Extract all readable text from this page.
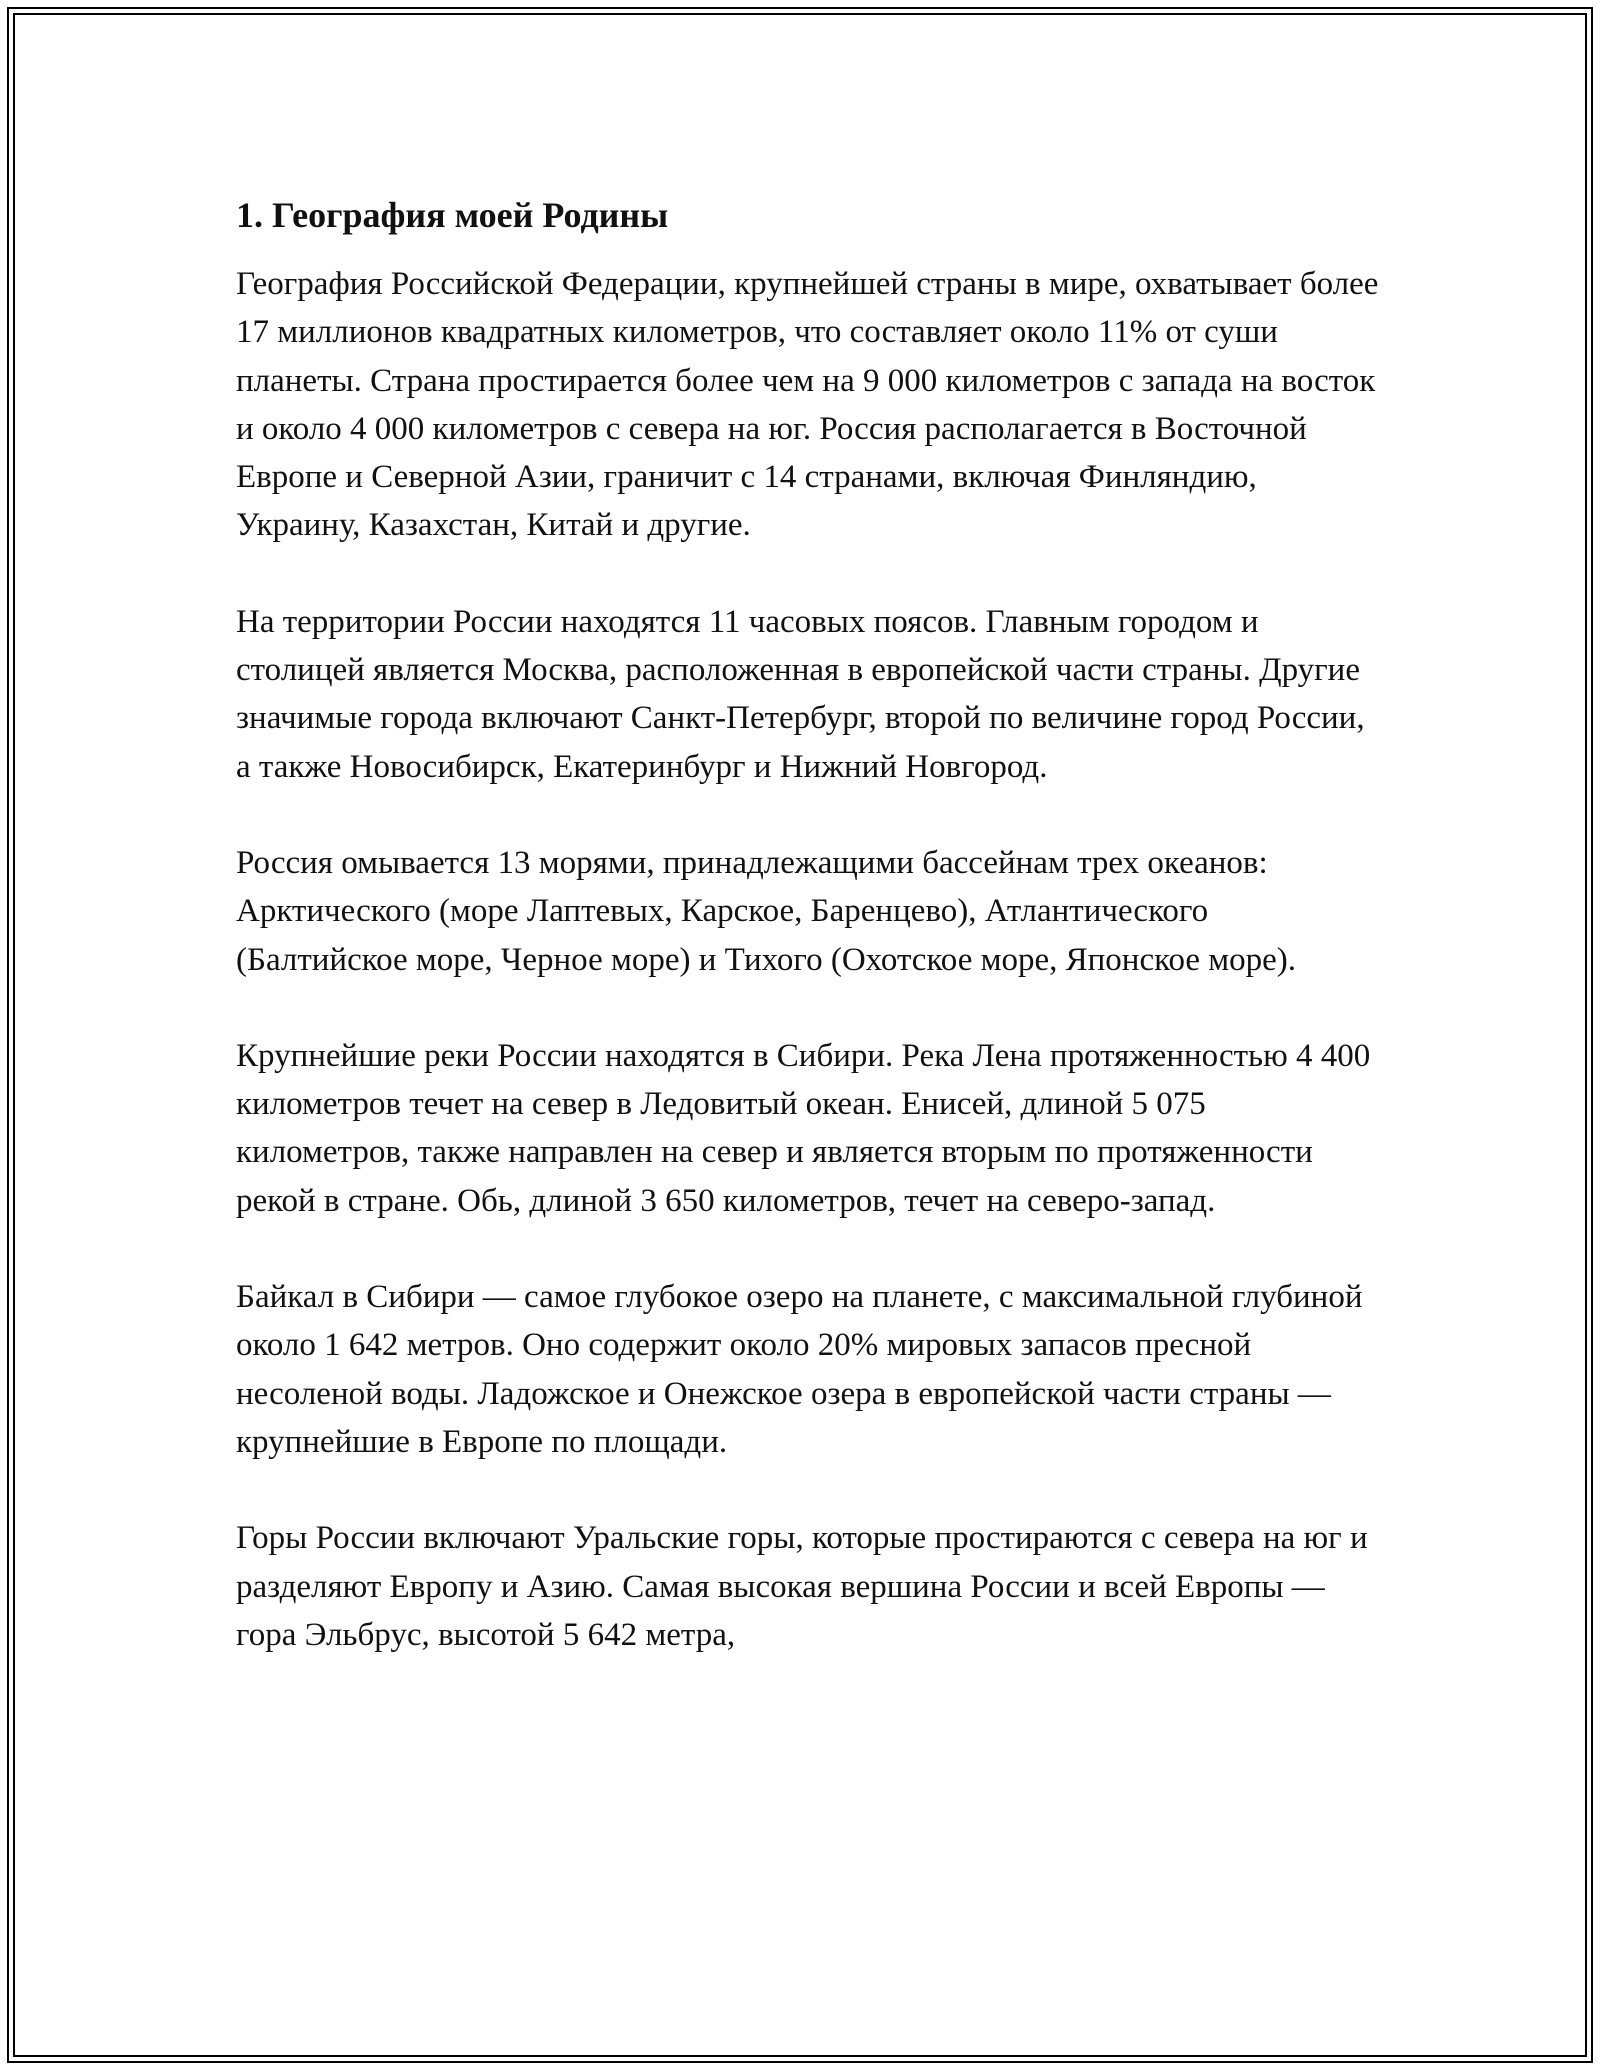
1. География моей Родины

География Российской Федерации, крупнейшей страны в мире, охватывает более 17 миллионов квадратных километров, что составляет около 11% от суши планеты. Страна простирается более чем на 9 000 километров с запада на восток и около 4 000 километров с севера на юг. Россия располагается в Восточной Европе и Северной Азии, граничит с 14 странами, включая Финляндию, Украину, Казахстан, Китай и другие.

На территории России находятся 11 часовых поясов. Главным городом и столицей является Москва, расположенная в европейской части страны. Другие значимые города включают Санкт-Петербург, второй по величине город России, а также Новосибирск, Екатеринбург и Нижний Новгород.

Россия омывается 13 морями, принадлежащими бассейнам трех океанов: Арктического (море Лаптевых, Карское, Баренцево), Атлантического (Балтийское море, Черное море) и Тихого (Охотское море, Японское море).

Крупнейшие реки России находятся в Сибири. Река Лена протяженностью 4 400 километров течет на север в Ледовитый океан. Енисей, длиной 5 075 километров, также направлен на север и является вторым по протяженности рекой в стране. Обь, длиной 3 650 километров, течет на северо-запад.

Байкал в Сибири — самое глубокое озеро на планете, с максимальной глубиной около 1 642 метров. Оно содержит около 20% мировых запасов пресной несоленой воды. Ладожское и Онежское озера в европейской части страны — крупнейшие в Европе по площади.

Горы России включают Уральские горы, которые простираются с севера на юг и разделяют Европу и Азию. Самая высокая вершина России и всей Европы — гора Эльбрус, высотой 5 642 метра,
